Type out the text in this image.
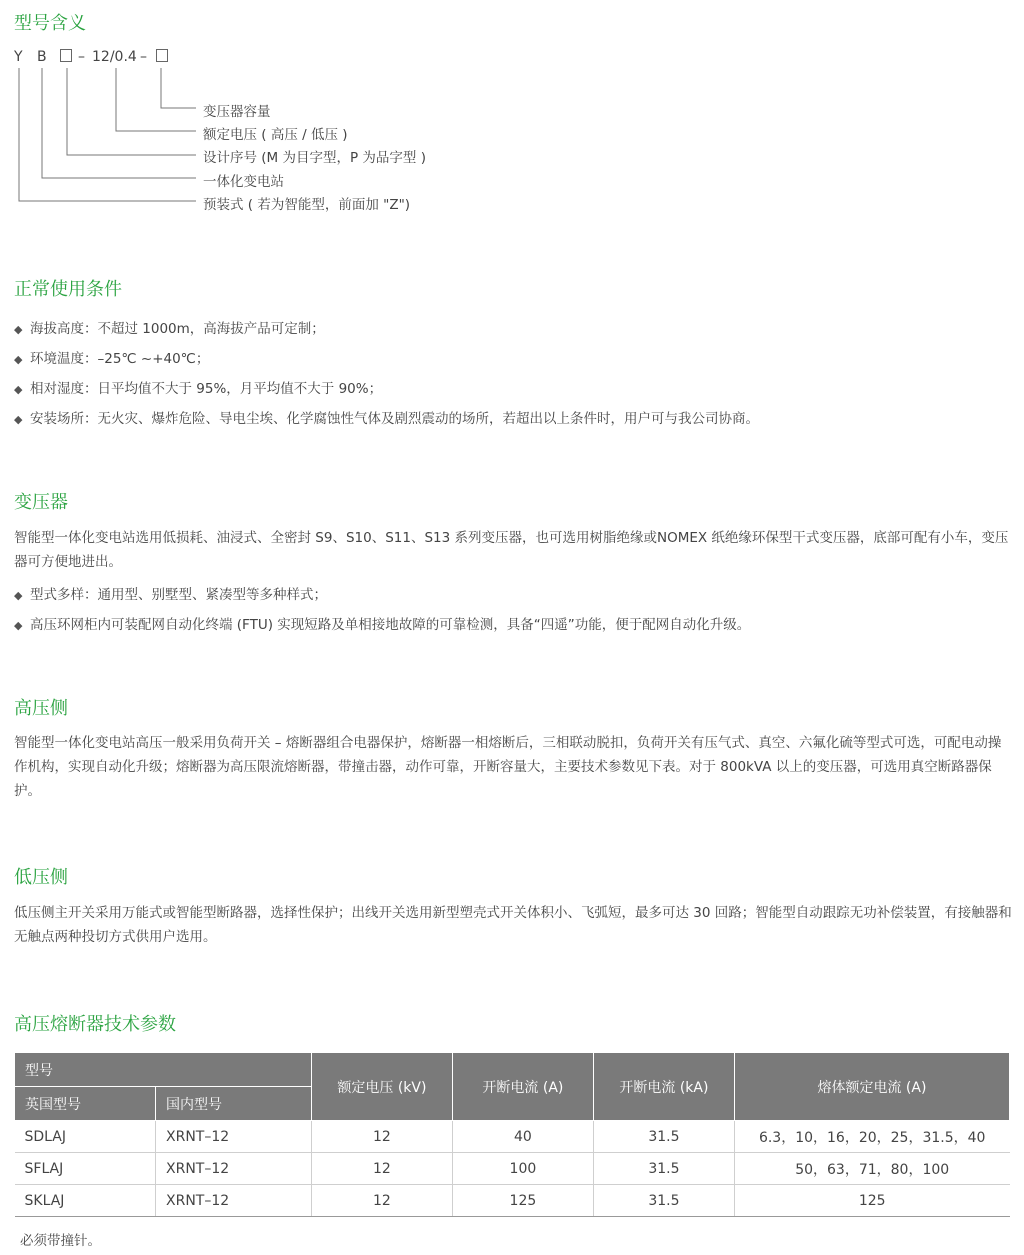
型号含义
Y B – 12/0.4 –
变压器容量
额定电压 ( 高压 / 低压 )
设计序号 (M 为目字型，P 为品字型 )
一体化变电站
预装式 ( 若为智能型，前面加 "Z")
正常使用条件
◆ 海拔高度：不超过 1000m，高海拔产品可定制；
◆ 环境温度：–25℃ ~+40℃；
◆ 相对湿度：日平均值不大于 95%，月平均值不大于 90%；
◆ 安装场所：无火灾、爆炸危险、导电尘埃、化学腐蚀性气体及剧烈震动的场所，若超出以上条件时，用户可与我公司协商。
变压器

智能型一体化变电站选用低损耗、油浸式、全密封 S9、S10、S11、S13 系列变压器，也可选用树脂绝缘或NOMEX 纸绝缘环保型干式变压器，底部可配有小车，变压器可方便地进出。

◆ 型式多样：通用型、别墅型、紧凑型等多种样式；
◆ 高压环网柜内可装配网自动化终端 (FTU) 实现短路及单相接地故障的可靠检测，具备“四遥”功能，便于配网自动化升级。
高压侧

智能型一体化变电站高压一般采用负荷开关 – 熔断器组合电器保护，熔断器一相熔断后，三相联动脱扣，负荷开关有压气式、真空、六氟化硫等型式可选，可配电动操作机构，实现自动化升级；熔断器为高压限流熔断器，带撞击器，动作可靠，开断容量大，主要技术参数见下表。对于 800kVA 以上的变压器，可选用真空断路器保护。

低压侧

低压侧主开关采用万能式或智能型断路器，选择性保护；出线开关选用新型塑壳式开关体积小、飞弧短，最多可达 30 回路；智能型自动跟踪无功补偿装置，有接触器和无触点两种投切方式供用户选用。

高压熔断器技术参数
型号		额定电压 (kV)	开断电流 (A)	开断电流 (kA)	熔体额定电流 (A)
英国型号	国内型号				
SDLAJ	XRNT–12	12	40	31.5	6.3，10，16，20，25，31.5，40
SFLAJ	XRNT–12	12	100	31.5	50，63，71，80，100
SKLAJ	XRNT–12	12	125	31.5	125
必须带撞针。
